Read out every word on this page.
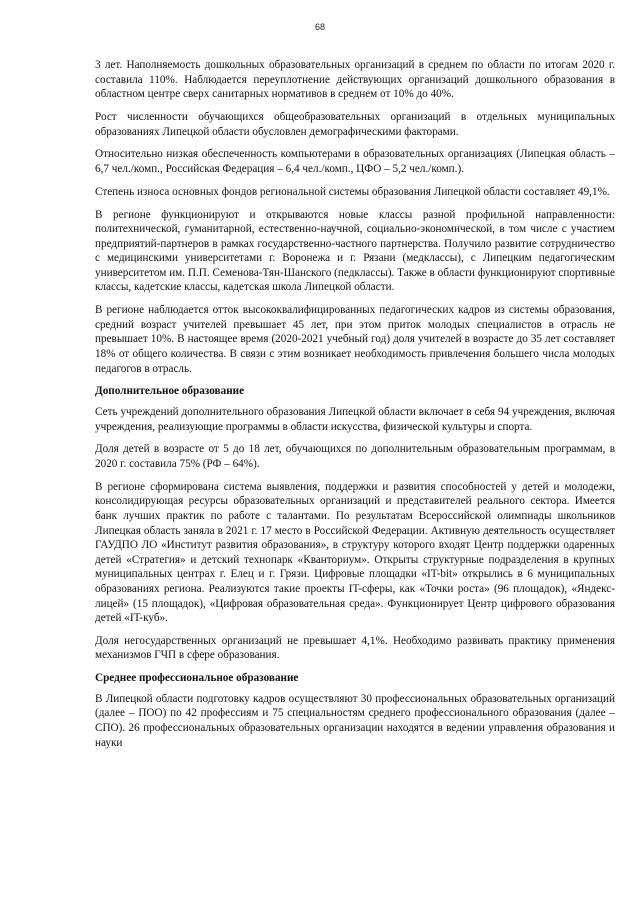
68

3 лет. Наполняемость дошкольных образовательных организаций в среднем по области по итогам 2020 г. составила 110%. Наблюдается переуплотнение действующих организаций дошкольного образования в областном центре сверх санитарных нормативов в среднем от 10% до 40%.

Рост численности обучающихся общеобразовательных организаций в отдельных муниципальных образованиях Липецкой области обусловлен демографическими факторами.

Относительно низкая обеспеченность компьютерами в образовательных организациях (Липецкая область – 6,7 чел./комп., Российская Федерация – 6,4 чел./комп., ЦФО – 5,2 чел./комп.).

Степень износа основных фондов региональной системы образования Липецкой области составляет 49,1%.

В регионе функционируют и открываются новые классы разной профильной направленности: политехнической, гуманитарной, естественно-научной, социально-экономической, в том числе с участием предприятий-партнеров в рамках государственно-частного партнерства. Получило развитие сотрудничество с медицинскими университетами г. Воронежа и г. Рязани (медклассы), с Липецким педагогическим университетом им. П.П. Семенова-Тян-Шанского (педклассы). Также в области функционируют спортивные классы, кадетские классы, кадетская школа Липецкой области.

В регионе наблюдается отток высококвалифицированных педагогических кадров из системы образования, средний возраст учителей превышает 45 лет, при этом приток молодых специалистов в отрасль не превышает 10%. В настоящее время (2020-2021 учебный год) доля учителей в возрасте до 35 лет составляет 18% от общего количества. В связи с этим возникает необходимость привлечения большего числа молодых педагогов в отрасль.

Дополнительное образование

Сеть учреждений дополнительного образования Липецкой области включает в себя 94 учреждения, включая учреждения, реализующие программы в области искусства, физической культуры и спорта.

Доля детей в возрасте от 5 до 18 лет, обучающихся по дополнительным образовательным программам, в 2020 г. составила 75% (РФ – 64%).

В регионе сформирована система выявления, поддержки и развития способностей у детей и молодежи, консолидирующая ресурсы образовательных организаций и представителей реального сектора. Имеется банк лучших практик по работе с талантами. По результатам Всероссийской олимпиады школьников Липецкая область заняла в 2021 г. 17 место в Российской Федерации. Активную деятельность осуществляет ГАУДПО ЛО «Институт развития образования», в структуру которого входят Центр поддержки одаренных детей «Стратегия» и детский технопарк «Кванториум». Открыты структурные подразделения в крупных муниципальных центрах г. Елец и г. Грязи. Цифровые площадки «IT-bit» открылись в 6 муниципальных образованиях региона. Реализуются такие проекты IT-сферы, как «Точки роста» (96 площадок), «Яндекс-лицей» (15 площадок), «Цифровая образовательная среда». Функционирует Центр цифрового образования детей «IT-куб».

Доля негосударственных организаций не превышает 4,1%. Необходимо развивать практику применения механизмов ГЧП в сфере образования.

Среднее профессиональное образование

В Липецкой области подготовку кадров осуществляют 30 профессиональных образовательных организаций (далее – ПОО) по 42 профессиям и 75 специальностям среднего профессионального образования (далее – СПО). 26 профессиональных образовательных организации находятся в ведении управления образования и науки
